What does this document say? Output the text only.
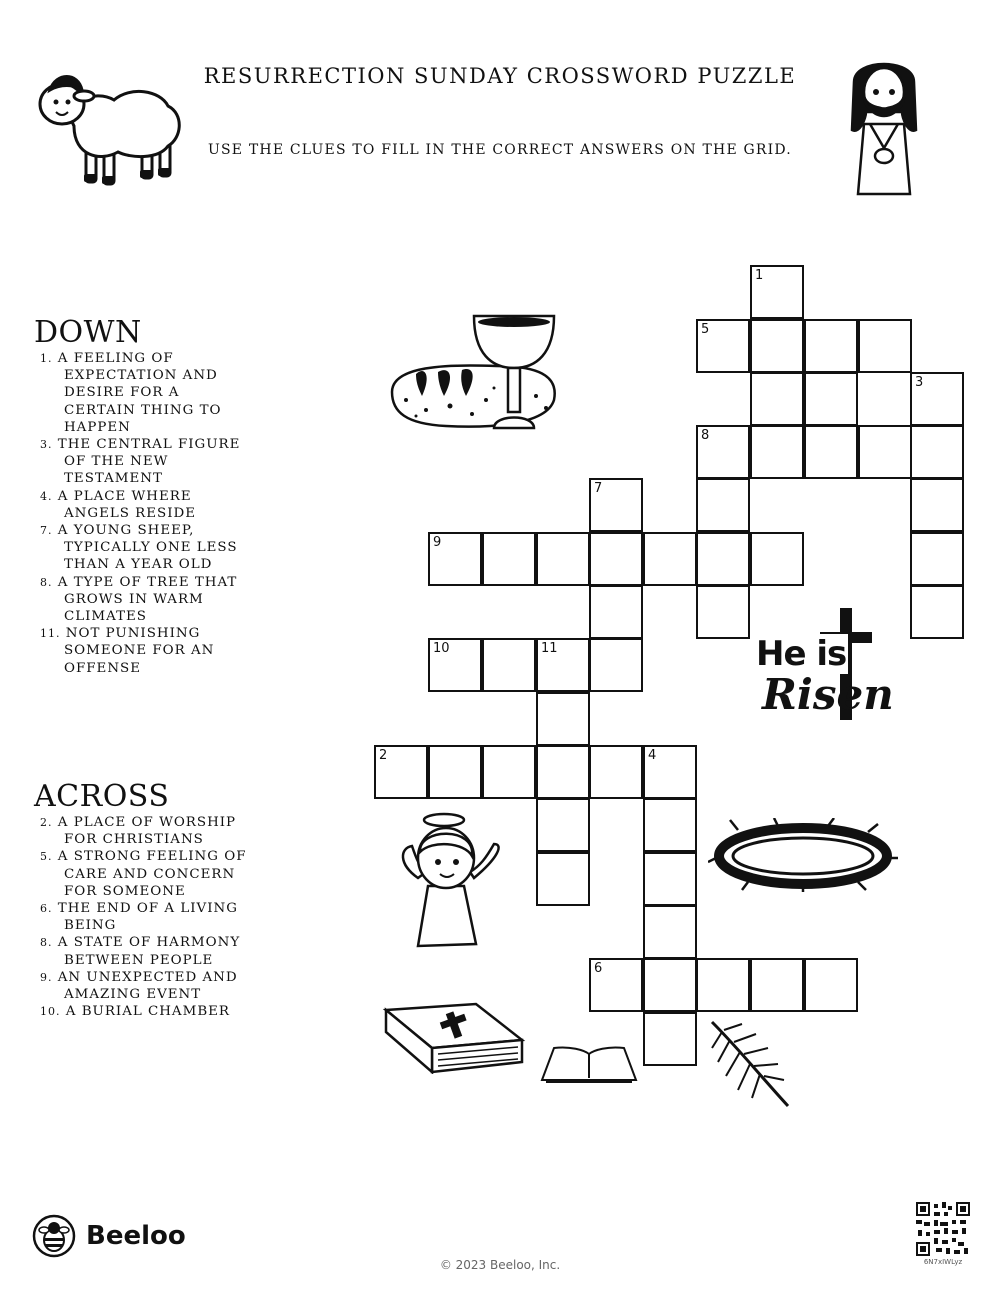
RESURRECTION SUNDAY CROSSWORD PUZZLE
USE THE CLUES TO FILL IN THE CORRECT ANSWERS ON THE GRID.
DOWN
1. A FEELING OF EXPECTATION AND DESIRE FOR A CERTAIN THING TO HAPPEN
3. THE CENTRAL FIGURE OF THE NEW TESTAMENT
4. A PLACE WHERE ANGELS RESIDE
7. A YOUNG SHEEP, TYPICALLY ONE LESS THAN A YEAR OLD
8. A TYPE OF TREE THAT GROWS IN WARM CLIMATES
11. NOT PUNISHING SOMEONE FOR AN OFFENSE
ACROSS
2. A PLACE OF WORSHIP FOR CHRISTIANS
5. A STRONG FEELING OF CARE AND CONCERN FOR SOMEONE
6. THE END OF A LIVING BEING
8. A STATE OF HARMONY BETWEEN PEOPLE
9. AN UNEXPECTED AND AMAZING EVENT
10. A BURIAL CHAMBER
He is
Risen
1
5
3
8
7
9
10	11
2	4
6
Beeloo
© 2023 Beeloo, Inc.	6N7xIWLyz
